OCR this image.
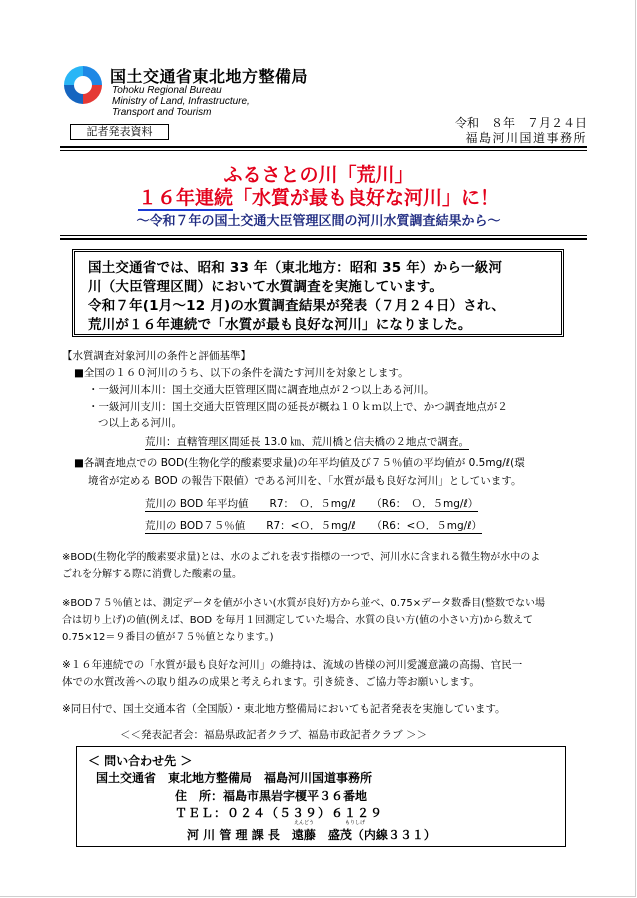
国土交通省東北地方整備局
Tohoku Regional Bureau
Ministry of Land, Infrastructure,
Transport and Tourism
記者発表資料
令和　８年　７月２４日
福島河川国道事務所
ふるさとの川「荒川」
１６年連続「水質が最も良好な河川」に！
～令和７年の国土交通大臣管理区間の河川水質調査結果から～
国土交通省では、昭和 33 年（東北地方：昭和 35 年）から一級河
川（大臣管理区間）において水質調査を実施しています。
令和７年(1月～12 月)の水質調査結果が発表（７月２４日）され、
荒川が１６年連続で「水質が最も良好な河川」になりました。
【水質調査対象河川の条件と評価基準】
■全国の１６０河川のうち、以下の条件を満たす河川を対象とします。
・一級河川本川：国土交通大臣管理区間に調査地点が２つ以上ある河川。
・一級河川支川：国土交通大臣管理区間の延長が概ね１０ｋｍ以上で、かつ調査地点が２
つ以上ある河川。
荒川：直轄管理区間延長 13.0 ㎞、荒川橋と信夫橋の２地点で調査。
■各調査地点での BOD(生物化学的酸素要求量)の年平均値及び７５％値の平均値が 0.5mg/ℓ(環
境省が定める BOD の報告下限値）である河川を、「水質が最も良好な河川」としています。
荒川の BOD 年平均値　　R7：　Ｏ．５mg/ℓ　　（R6：　Ｏ．５mg/ℓ）
荒川の BOD７５％値　　R7：<Ｏ．５mg/ℓ　　（R6：<Ｏ．５mg/ℓ）
※BOD(生物化学的酸素要求量)とは、水のよごれを表す指標の一つで、河川水に含まれる微生物が水中のよ
ごれを分解する際に消費した酸素の量。
※BOD７５％値とは、測定データを値が小さい(水質が良好)方から並べ、0.75×データ数番目(整数でない場
合は切り上げ)の値(例えば、BOD を毎月１回測定していた場合、水質の良い方(値の小さい方)から数えて
0.75×12＝９番目の値が７５％値となります。)
※１６年連続での「水質が最も良好な河川」の維持は、流域の皆様の河川愛護意識の高揚、官民一
体での水質改善への取り組みの成果と考えられます。引き続き、ご協力等お願いします。
※同日付で、国土交通本省（全国版）・東北地方整備局においても記者発表を実施しています。
＜＜発表記者会：福島県政記者クラブ、福島市政記者クラブ ＞＞
＜ 問い合わせ先 ＞
国土交通省　東北地方整備局　福島河川国道事務所
住　所：福島市黒岩字榎平３６番地
ＴＥＬ：０２４（５３９）６１２９
えんどう	もりしげ
河 川 管 理 課 長　遠藤　盛茂（内線３３１）
